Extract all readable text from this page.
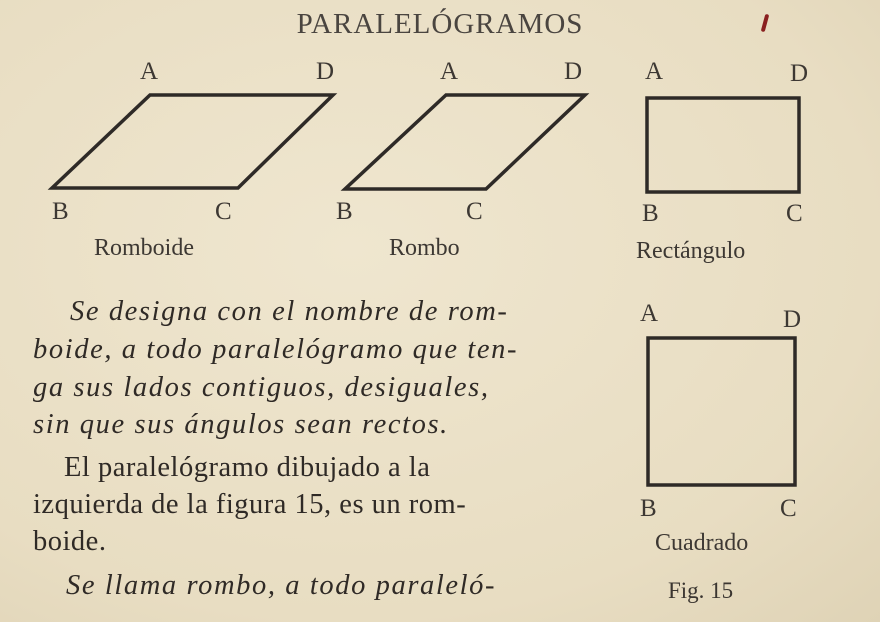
PARALELÓGRAMOS
A	D
B	C
Romboide
A	D
B	C
Rombo
A	D
B	C
Rectángulo
A	D
B	C
Cuadrado
Fig. 15
Se designa con el nombre de rom-
boide, a todo paralelógramo que ten-
ga sus lados contiguos, desiguales,
sin que sus ángulos sean rectos.
El paralelógramo dibujado a la
izquierda de la figura 15, es un rom-
boide.
Se llama rombo, a todo paraleló-
